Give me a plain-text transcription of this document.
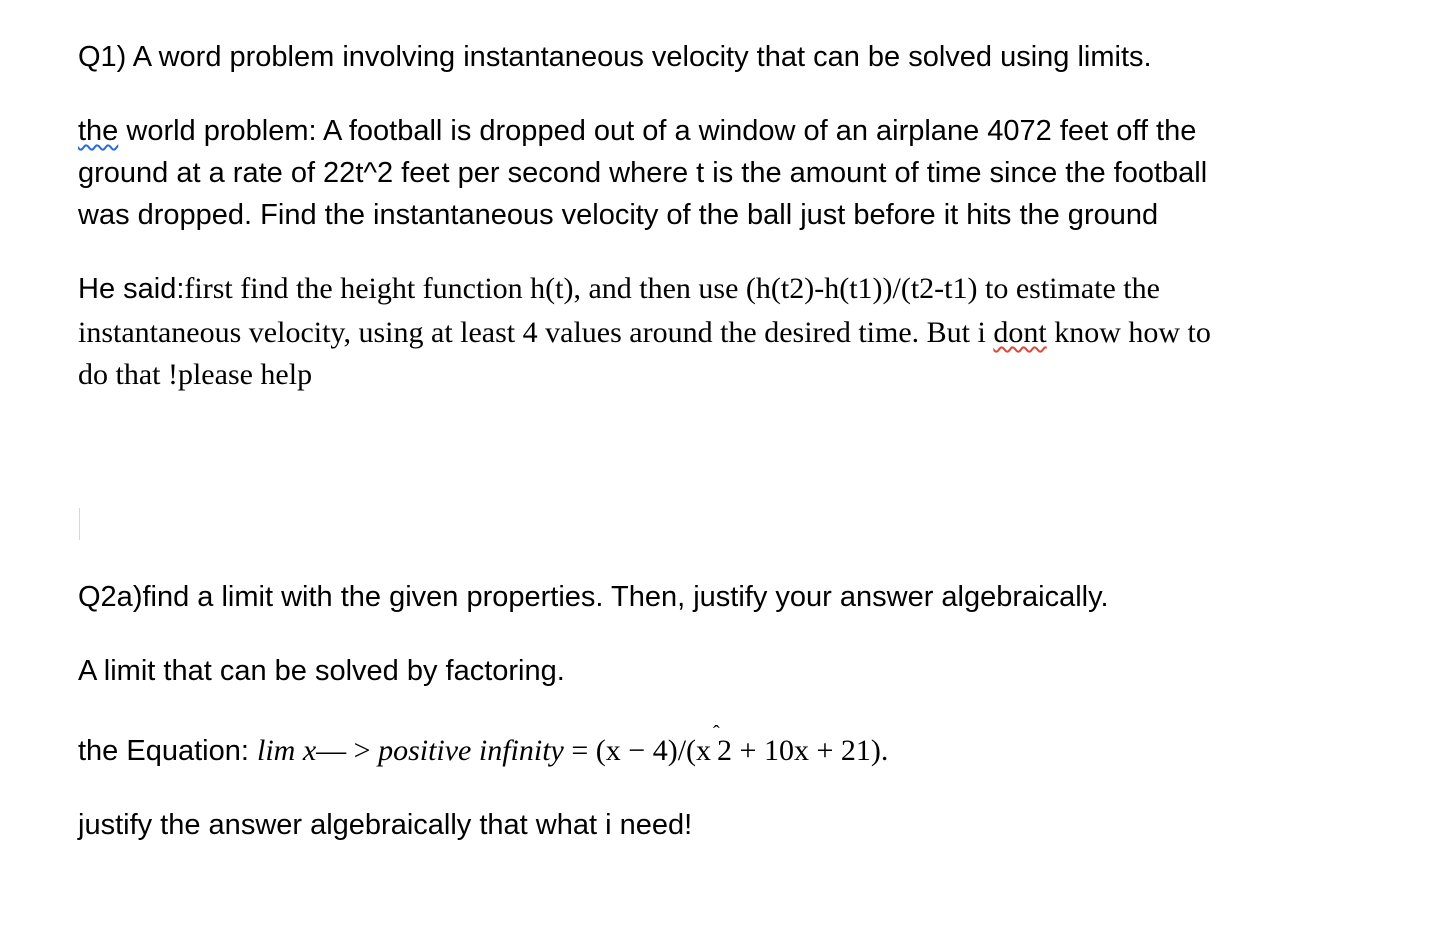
Q1) A word problem involving instantaneous velocity that can be solved using limits.
the world problem: A football is dropped out of a window of an airplane 4072 feet off the
ground at a rate of 22t^2 feet per second where t is the amount of time since the football
was dropped. Find the instantaneous velocity of the ball just before it hits the ground
He said:first find the height function h(t), and then use (h(t2)-h(t1))/(t2-t1) to estimate the
instantaneous velocity, using at least 4 values around the desired time. But i dont know how to
do that !please help
Q2a)find a limit with the given properties. Then, justify your answer algebraically.
A limit that can be solved by factoring.
the Equation: lim x— > positive infinity = (x − 4)/(x
ˆ
 2 + 10x + 21).
justify the answer algebraically that what i need!
